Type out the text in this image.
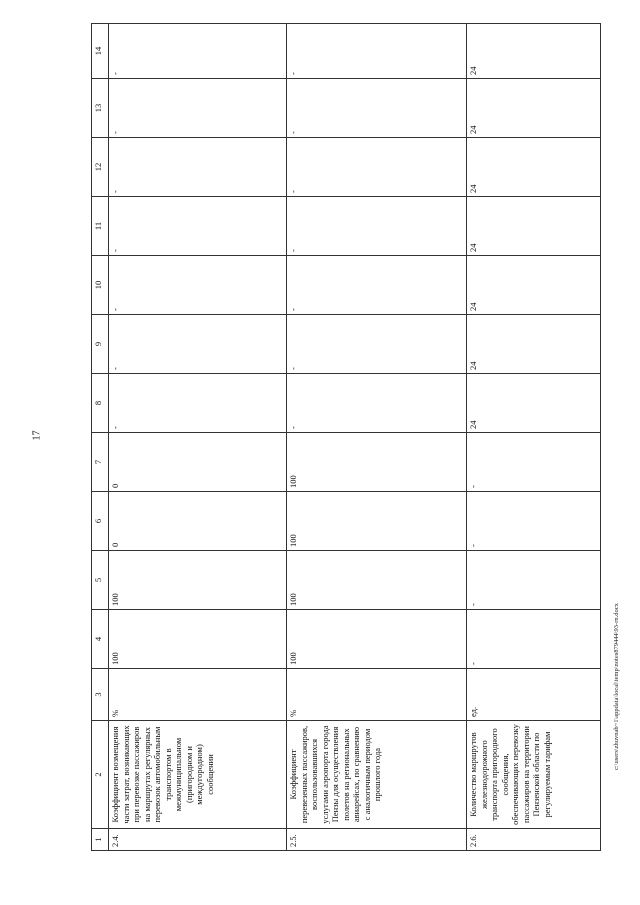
17
1	2	3	4	5	6	7	8	9	10	11	12	13	14
2.4.	Коэффициент возмещения части затрат, возникающих при перевозке пассажиров на маршрутах регулярных перевозок автомобильным транспортом в межмуниципальном (пригородном и междугородном) сообщении	%	100	100	0	0	-	-	-	-	-	-	-
2.5.	Коэффициент перевезенных пассажиров, воспользовавшихся услугами аэропорта города Пензы для осуществления полетов на региональных авиарейсах, по сравнению с аналогичным периодом прошлого года	%	100	100	100	100	-	-	-	-	-	-	-
2.6.	Количество маршрутов железнодорожного транспорта пригородного сообщения, обеспечивающих перевозку пассажиров на территории Пензенской области по регулируемым тарифам	ед.	-	-	-	-	24	24	24	24	24	24	24
c:\users\zhuvnab~1\appdata\local\temp\notes879444\93-rn.docx
